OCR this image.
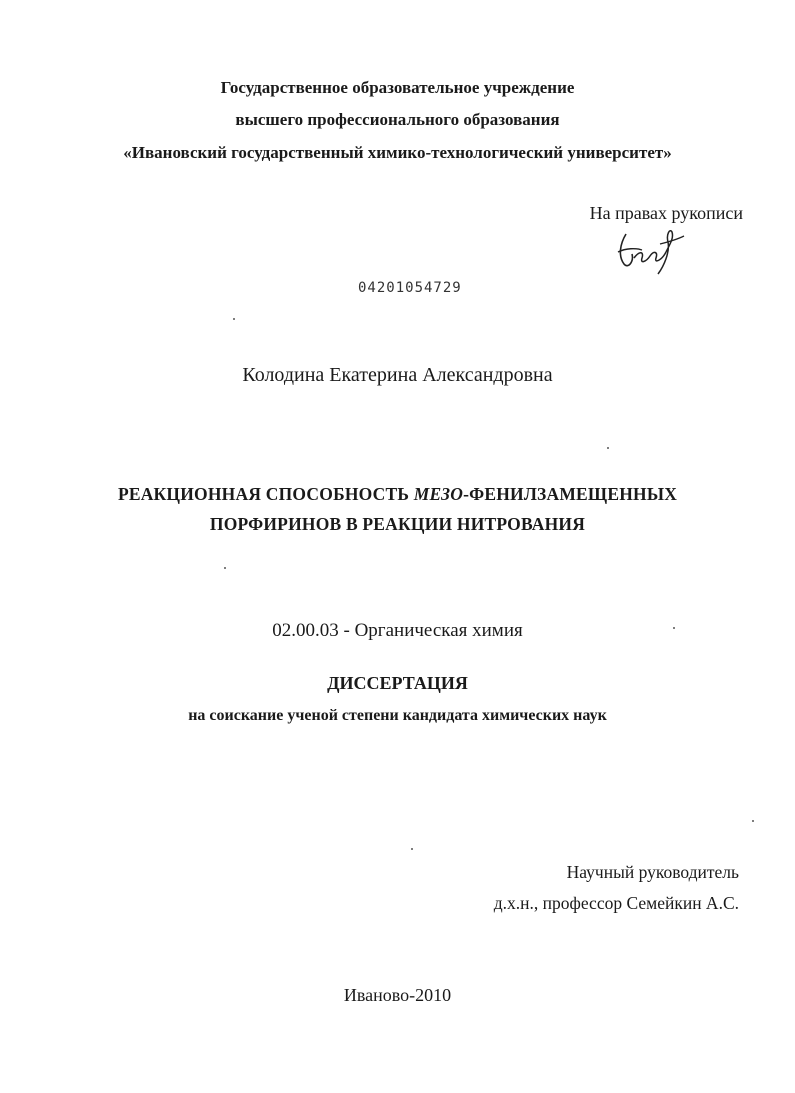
Государственное образовательное учреждение
высшего профессионального образования
«Ивановский государственный химико-технологический университет»
На правах рукописи
04201054729
Колодина Екатерина Александровна
РЕАКЦИОННАЯ СПОСОБНОСТЬ МЕЗО-ФЕНИЛЗАМЕЩЕННЫХ
ПОРФИРИНОВ В РЕАКЦИИ НИТРОВАНИЯ
02.00.03 - Органическая химия
ДИССЕРТАЦИЯ
на соискание ученой степени кандидата химических наук
Научный руководитель
д.х.н., профессор Семейкин А.С.
Иваново-2010
